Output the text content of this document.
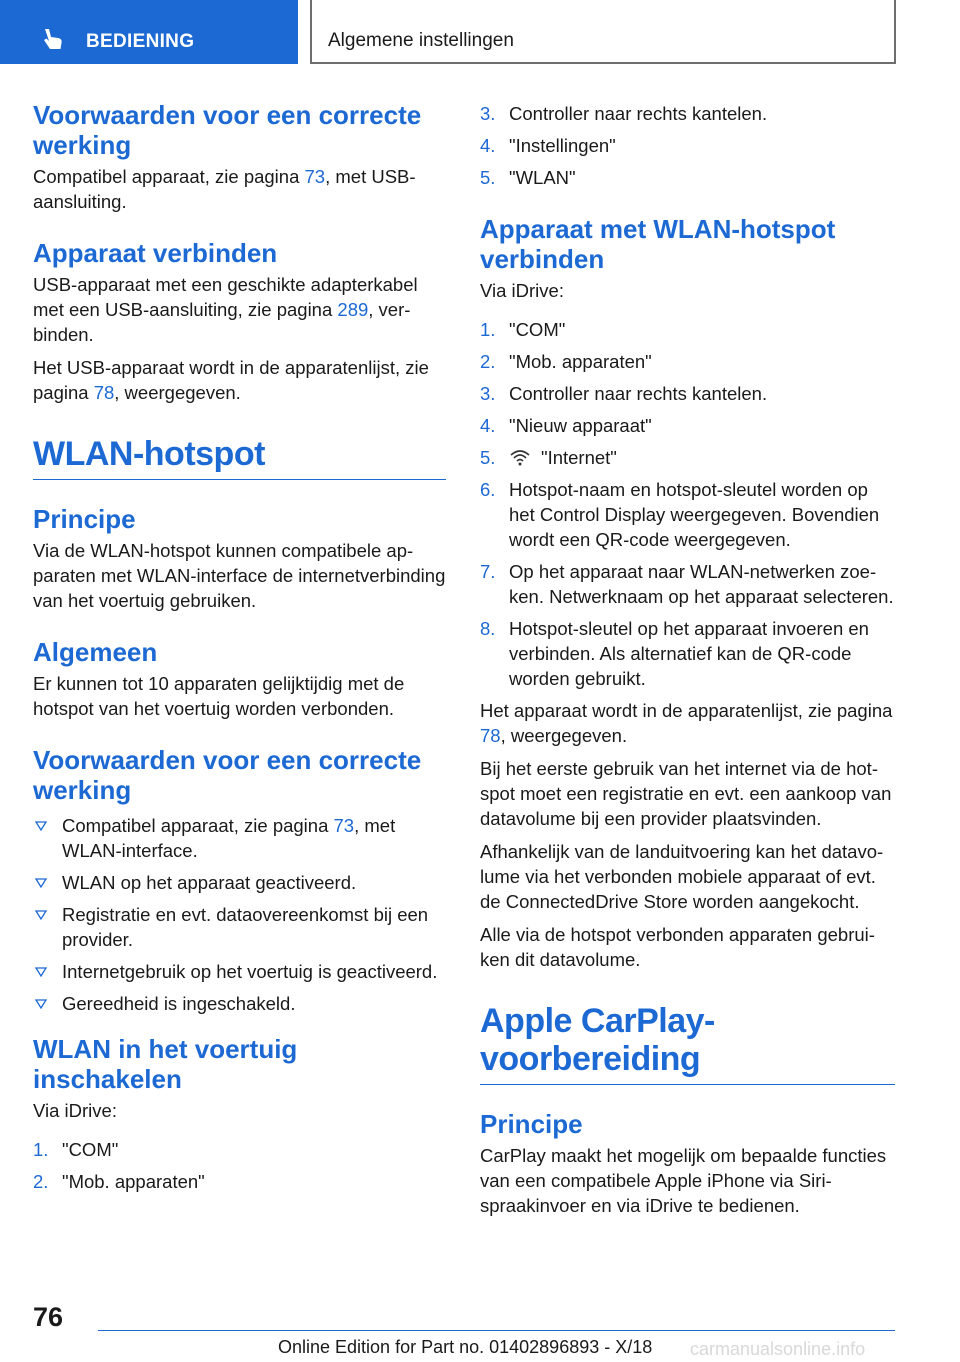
BEDIENING	Algemene instellingen
Voorwaarden voor een correcte werking

Compatibel apparaat, zie pagina 73, met USB-aansluiting.

Apparaat verbinden

USB-apparaat met een geschikte adapterkabel met een USB-aansluiting, zie pagina 289, verbinden.

Het USB-apparaat wordt in de apparatenlijst, zie pagina 78, weergegeven.

WLAN-hotspot
Principe

Via de WLAN-hotspot kunnen compatibele apparaten met WLAN-interface de internetverbinding van het voertuig gebruiken.

Algemeen

Er kunnen tot 10 apparaten gelijktijdig met de hotspot van het voertuig worden verbonden.

Voorwaarden voor een correcte werking
Compatibel apparaat, zie pagina 73, met WLAN-interface.
WLAN op het apparaat geactiveerd.
Registratie en evt. dataovereenkomst bij een provider.
Internetgebruik op het voertuig is geactiveerd.
Gereedheid is ingeschakeld.
WLAN in het voertuig inschakelen

Via iDrive:

1. "COM"
2. "Mob. apparaten"
3. Controller naar rechts kantelen.
4. "Instellingen"
5. "WLAN"
Apparaat met WLAN-hotspot verbinden

Via iDrive:

1. "COM"
2. "Mob. apparaten"
3. Controller naar rechts kantelen.
4. "Nieuw apparaat"
5. "Internet"
6. Hotspot-naam en hotspot-sleutel worden op het Control Display weergegeven. Bovendien wordt een QR-code weergegeven.
7. Op het apparaat naar WLAN-netwerken zoeken. Netwerknaam op het apparaat selecteren.
8. Hotspot-sleutel op het apparaat invoeren en verbinden. Als alternatief kan de QR-code worden gebruikt.

Het apparaat wordt in de apparatenlijst, zie pagina 78, weergegeven.

Bij het eerste gebruik van het internet via de hotspot moet een registratie en evt. een aankoop van datavolume bij een provider plaatsvinden.

Afhankelijk van de landuitvoering kan het datavolume via het verbonden mobiele apparaat of evt. de ConnectedDrive Store worden aangekocht.

Alle via de hotspot verbonden apparaten gebruiken dit datavolume.

Apple CarPlay-voorbereiding
Principe

CarPlay maakt het mogelijk om bepaalde functies van een compatibele Apple iPhone via Siri-spraakinvoer en via iDrive te bedienen.

76
Online Edition for Part no. 01402896893 - X/18 carmanualsonline.info
